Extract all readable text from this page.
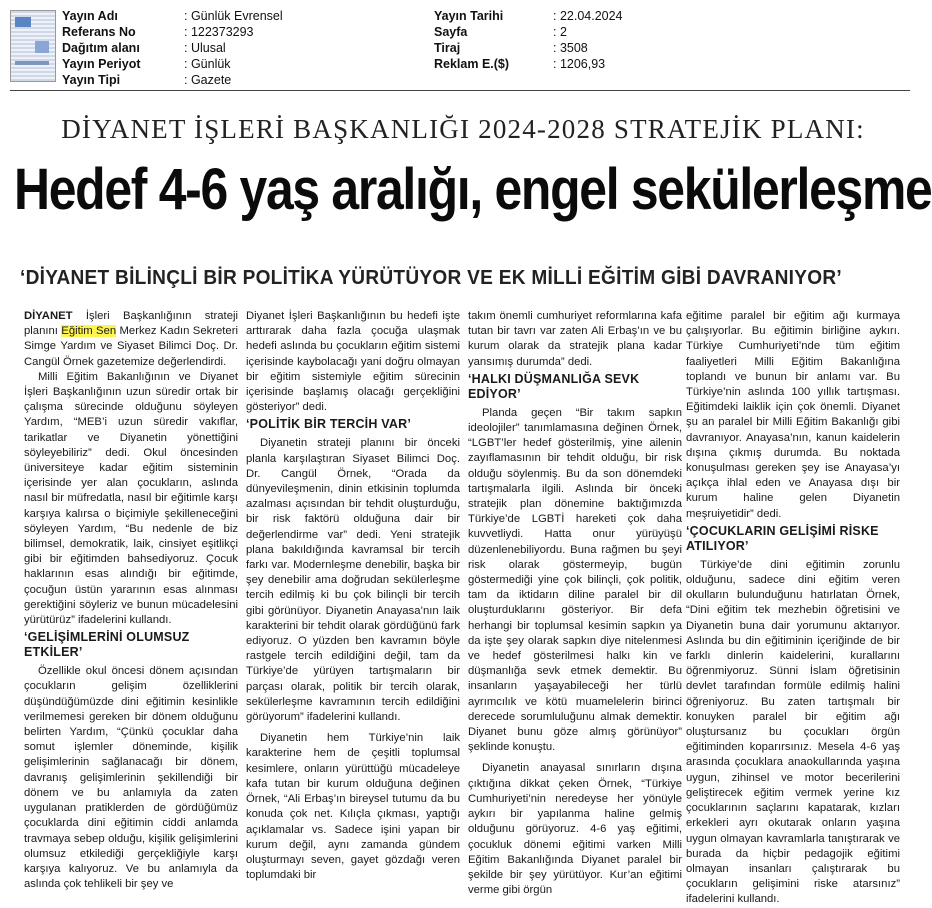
Yayın Adı	: Günlük Evrensel
Referans No	: 122373293
Dağıtım alanı	: Ulusal
Yayın Periyot	: Günlük
Yayın Tipi	: Gazete
Yayın Tarihi	: 22.04.2024
Sayfa	: 2
Tiraj	: 3508
Reklam E.($)	: 1206,93
DİYANET İŞLERİ BAŞKANLIĞI 2024-2028 STRATEJİK PLANI:
Hedef 4-6 yaş aralığı, engel sekülerleşme
‘DİYANET BİLİNÇLİ BİR POLİTİKA YÜRÜTÜYOR VE EK MİLLİ EĞİTİM GİBİ DAVRANIYOR’

DİYANET İşleri Başkanlığının strateji planını Eğitim Sen Merkez Kadın Sekreteri Simge Yardım ve Siyaset Bilimci Doç. Dr. Cangül Örnek gazetemize değerlendirdi.

Milli Eğitim Bakanlığının ve Diyanet İşleri Başkanlığının uzun süredir ortak bir çalışma sürecinde olduğunu söyleyen Yardım, “MEB’i uzun süredir vakıflar, tarikatlar ve Diyanetin yönettiğini söyleyebiliriz” dedi. Okul öncesinden üniversiteye kadar eğitim sisteminin içerisinde yer alan çocukların, aslında nasıl bir müfredatla, nasıl bir eğitimle karşı karşıya kalırsa o biçimiyle şekilleneceğini söyleyen Yardım, “Bu nedenle de biz bilimsel, demokratik, laik, cinsiyet eşitlikçi gibi bir eğitimden bahsediyoruz. Çocuk haklarının esas alındığı bir eğitimde, çocuğun üstün yararının esas alınması gerektiğini söyleriz ve bunun mücadelesini yürütürüz” ifadelerini kullandı.

‘GELİŞİMLERİNİ OLUMSUZ ETKİLER’

Özellikle okul öncesi dönem açısından çocukların gelişim özelliklerini düşündüğümüzde dini eğitimin kesinlikle verilmemesi gereken bir dönem olduğunu belirten Yardım, “Çünkü çocuklar daha somut işlemler döneminde, kişilik gelişimlerinin sağlanacağı bir dönem, davranış gelişimlerinin şekillendiği bir dönem ve bu anlamıyla da zaten uygulanan pratiklerden de gördüğümüz çocuklarda dini eğitimin ciddi anlamda travmaya sebep olduğu, kişilik gelişimlerini olumsuz etkilediği gerçekliğiyle karşı karşıya kalıyoruz. Ve bu anlamıyla da aslında çok tehlikeli bir şey ve

Diyanet İşleri Başkanlığının bu hedefi işte arttırarak daha fazla çocuğa ulaşmak hedefi aslında bu çocukların eğitim sistemi içerisinde kaybolacağı yani doğru olmayan bir eğitim sistemiyle eğitim sürecinin içerisinde başlamış olacağı gerçekliğini gösteriyor” dedi.

‘POLİTİK BİR TERCİH VAR’

Diyanetin strateji planını bir önceki planla karşılaştıran Siyaset Bilimci Doç. Dr. Cangül Örnek, “Orada da dünyevileşmenin, dinin etkisinin toplumda azalması açısından bir tehdit oluşturduğu, bir risk faktörü olduğuna dair bir değerlendirme var” dedi. Yeni stratejik plana bakıldığında kavramsal bir tercih farkı var. Modernleşme denebilir, başka bir şey denebilir ama doğrudan sekülerleşme tercih edilmiş ki bu çok bilinçli bir tercih gibi görünüyor. Diyanetin Anayasa’nın laik karakterini bir tehdit olarak gördüğünü fark ediyoruz. O yüzden ben kavramın böyle rastgele tercih edildiğini değil, tam da Türkiye’de yürüyen tartışmaların bir parçası olarak, politik bir tercih olarak, sekülerleşme kavramının tercih edildiğini görüyorum” ifadelerini kullandı.

Diyanetin hem Türkiye’nin laik karakterine hem de çeşitli toplumsal kesimlere, onların yürüttüğü mücadeleye kafa tutan bir kurum olduğuna değinen Örnek, “Ali Erbaş’ın bireysel tutumu da bu konuda çok net. Kılıçla çıkması, yaptığı açıklamalar vs. Sadece işini yapan bir kurum değil, aynı zamanda gündem oluşturmayı seven, gayet gözdağı veren toplumdaki bir

takım önemli cumhuriyet reformlarına kafa tutan bir tavrı var zaten Ali Erbaş’ın ve bu kurum olarak da stratejik plana kadar yansımış durumda” dedi.

‘HALKI DÜŞMANLIĞA SEVK EDİYOR’

Planda geçen “Bir takım sapkın ideolojiler” tanımlamasına değinen Örnek, “LGBT’ler hedef gösterilmiş, yine ailenin zayıflamasının bir tehdit olduğu, bir risk olduğu söylenmiş. Bu da son dönemdeki tartışmalarla ilgili. Aslında bir önceki stratejik plan dönemine baktığımızda Türkiye’de LGBTİ hareketi çok daha kuvvetliydi. Hatta onur yürüyüşü düzenlenebiliyordu. Buna rağmen bu şeyi risk olarak göstermeyip, bugün göstermediği yine çok bilinçli, çok politik, tam da iktidarın diline paralel bir dil oluşturduklarını gösteriyor. Bir defa herhangi bir toplumsal kesimin sapkın ya da işte şey olarak sapkın diye nitelenmesi ve hedef gösterilmesi halkı kin ve düşmanlığa sevk etmek demektir. Bu insanların yaşayabileceği her türlü ayrımcılık ve kötü muamelelerin birinci derecede sorumluluğunu almak demektir. Diyanet bunu göze almış görünüyor” şeklinde konuştu.

Diyanetin anayasal sınırların dışına çıktığına dikkat çeken Örnek, “Türkiye Cumhuriyeti’nin neredeyse her yönüyle aykırı bir yapılanma haline gelmiş olduğunu görüyoruz. 4-6 yaş eğitimi, çocukluk dönemi eğitimi varken Milli Eğitim Bakanlığında Diyanet paralel bir şekilde bir şey yürütüyor. Kur’an eğitimi verme gibi örgün

eğitime paralel bir eğitim ağı kurmaya çalışıyorlar. Bu eğitimin birliğine aykırı. Türkiye Cumhuriyeti’nde tüm eğitim faaliyetleri Milli Eğitim Bakanlığına toplandı ve bunun bir anlamı var. Bu Türkiye’nin aslında 100 yıllık tartışması. Eğitimdeki laiklik için çok önemli. Diyanet şu an paralel bir Milli Eğitim Bakanlığı gibi davranıyor. Anayasa’nın, kanun kaidelerin dışına çıkmış durumda. Bu noktada konuşulması gereken şey ise Anayasa’yı açıkça ihlal eden ve Anayasa dışı bir kurum haline gelen Diyanetin meşruiyetidir” dedi.

‘ÇOCUKLARIN GELİŞİMİ RİSKE ATILIYOR’

Türkiye’de dini eğitimin zorunlu olduğunu, sadece dini eğitim veren okulların bulunduğunu hatırlatan Örnek, “Dini eğitim tek mezhebin öğretisini ve Diyanetin buna dair yorumunu aktarıyor. Aslında bu din eğitiminin içeriğinde de bir farklı dinlerin kaidelerini, kurallarını öğrenmiyoruz. Sünni İslam öğretisinin devlet tarafından formüle edilmiş halini öğreniyoruz. Bu zaten tartışmalı bir konuyken paralel bir eğitim ağı oluştursanız bu çocukları örgün eğitiminden koparırsınız. Mesela 4-6 yaş arasında çocuklara anaokullarında yaşına uygun, zihinsel ve motor becerilerini geliştirecek eğitim vermek yerine kız çocuklarının saçlarını kapatarak, kızları erkekleri ayrı okutarak onların yaşına uygun olmayan kavramlarla tanıştırarak ve burada da hiçbir pedagojik eğitimi olmayan insanları çalıştırarak bu çocukların gelişimini riske atarsınız” ifadelerini kullandı.
